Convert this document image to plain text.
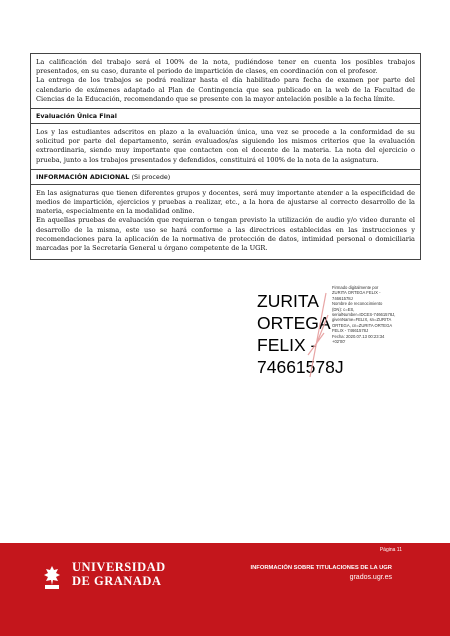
La calificación del trabajo será el 100% de la nota, pudiéndose tener en cuenta los posibles trabajos presentados, en su caso, durante el periodo de impartición de clases, en coordinación con el profesor.

La entrega de los trabajos se podrá realizar hasta el día habilitado para fecha de examen por parte del calendario de exámenes adaptado al Plan de Contingencia que sea publicado en la web de la Facultad de Ciencias de la Educación, recomendando que se presente con la mayor antelación posible a la fecha límite.

Evaluación Única Final

Los y las estudiantes adscritos en plazo a la evaluación única, una vez se procede a la conformidad de su solicitud por parte del departamento, serán evaluados/as siguiendo los mismos criterios que la evaluación extraordinaria, siendo muy importante que contacten con el docente de la materia. La nota del ejercicio o prueba, junto a los trabajos presentados y defendidos, constituirá el 100% de la nota de la asignatura.

INFORMACIÓN ADICIONAL (Si procede)

En las asignaturas que tienen diferentes grupos y docentes, será muy importante atender a la especificidad de medios de impartición, ejercicios y pruebas a realizar, etc., a la hora de ajustarse al correcto desarrollo de la materia, especialmente en la modalidad online.

En aquellas pruebas de evaluación que requieran o tengan previsto la utilización de audio y/o video durante el desarrollo de la misma, este uso se hará conforme a las directrices establecidas en las instrucciones y recomendaciones para la aplicación de la normativa de protección de datos, intimidad personal o domiciliaria marcadas por la Secretaría General u órgano competente de la UGR.

ZURITA
ORTEGA
FELIX -
74661578J
Firmado digitalmente por
ZURITA ORTEGA FELIX -
74661578J
Nombre de reconocimiento
(DN): c=ES,
serialNumber=IDCES-74661578J,
givenName=FELIX, sn=ZURITA
ORTEGA, cn=ZURITA ORTEGA
FELIX - 74661578J
Fecha: 2020.07.13 00:23:34
+02'00'
Página 11
UNIVERSIDAD
DE GRANADA
INFORMACIÓN SOBRE TITULACIONES DE LA UGR
grados.ugr.es
